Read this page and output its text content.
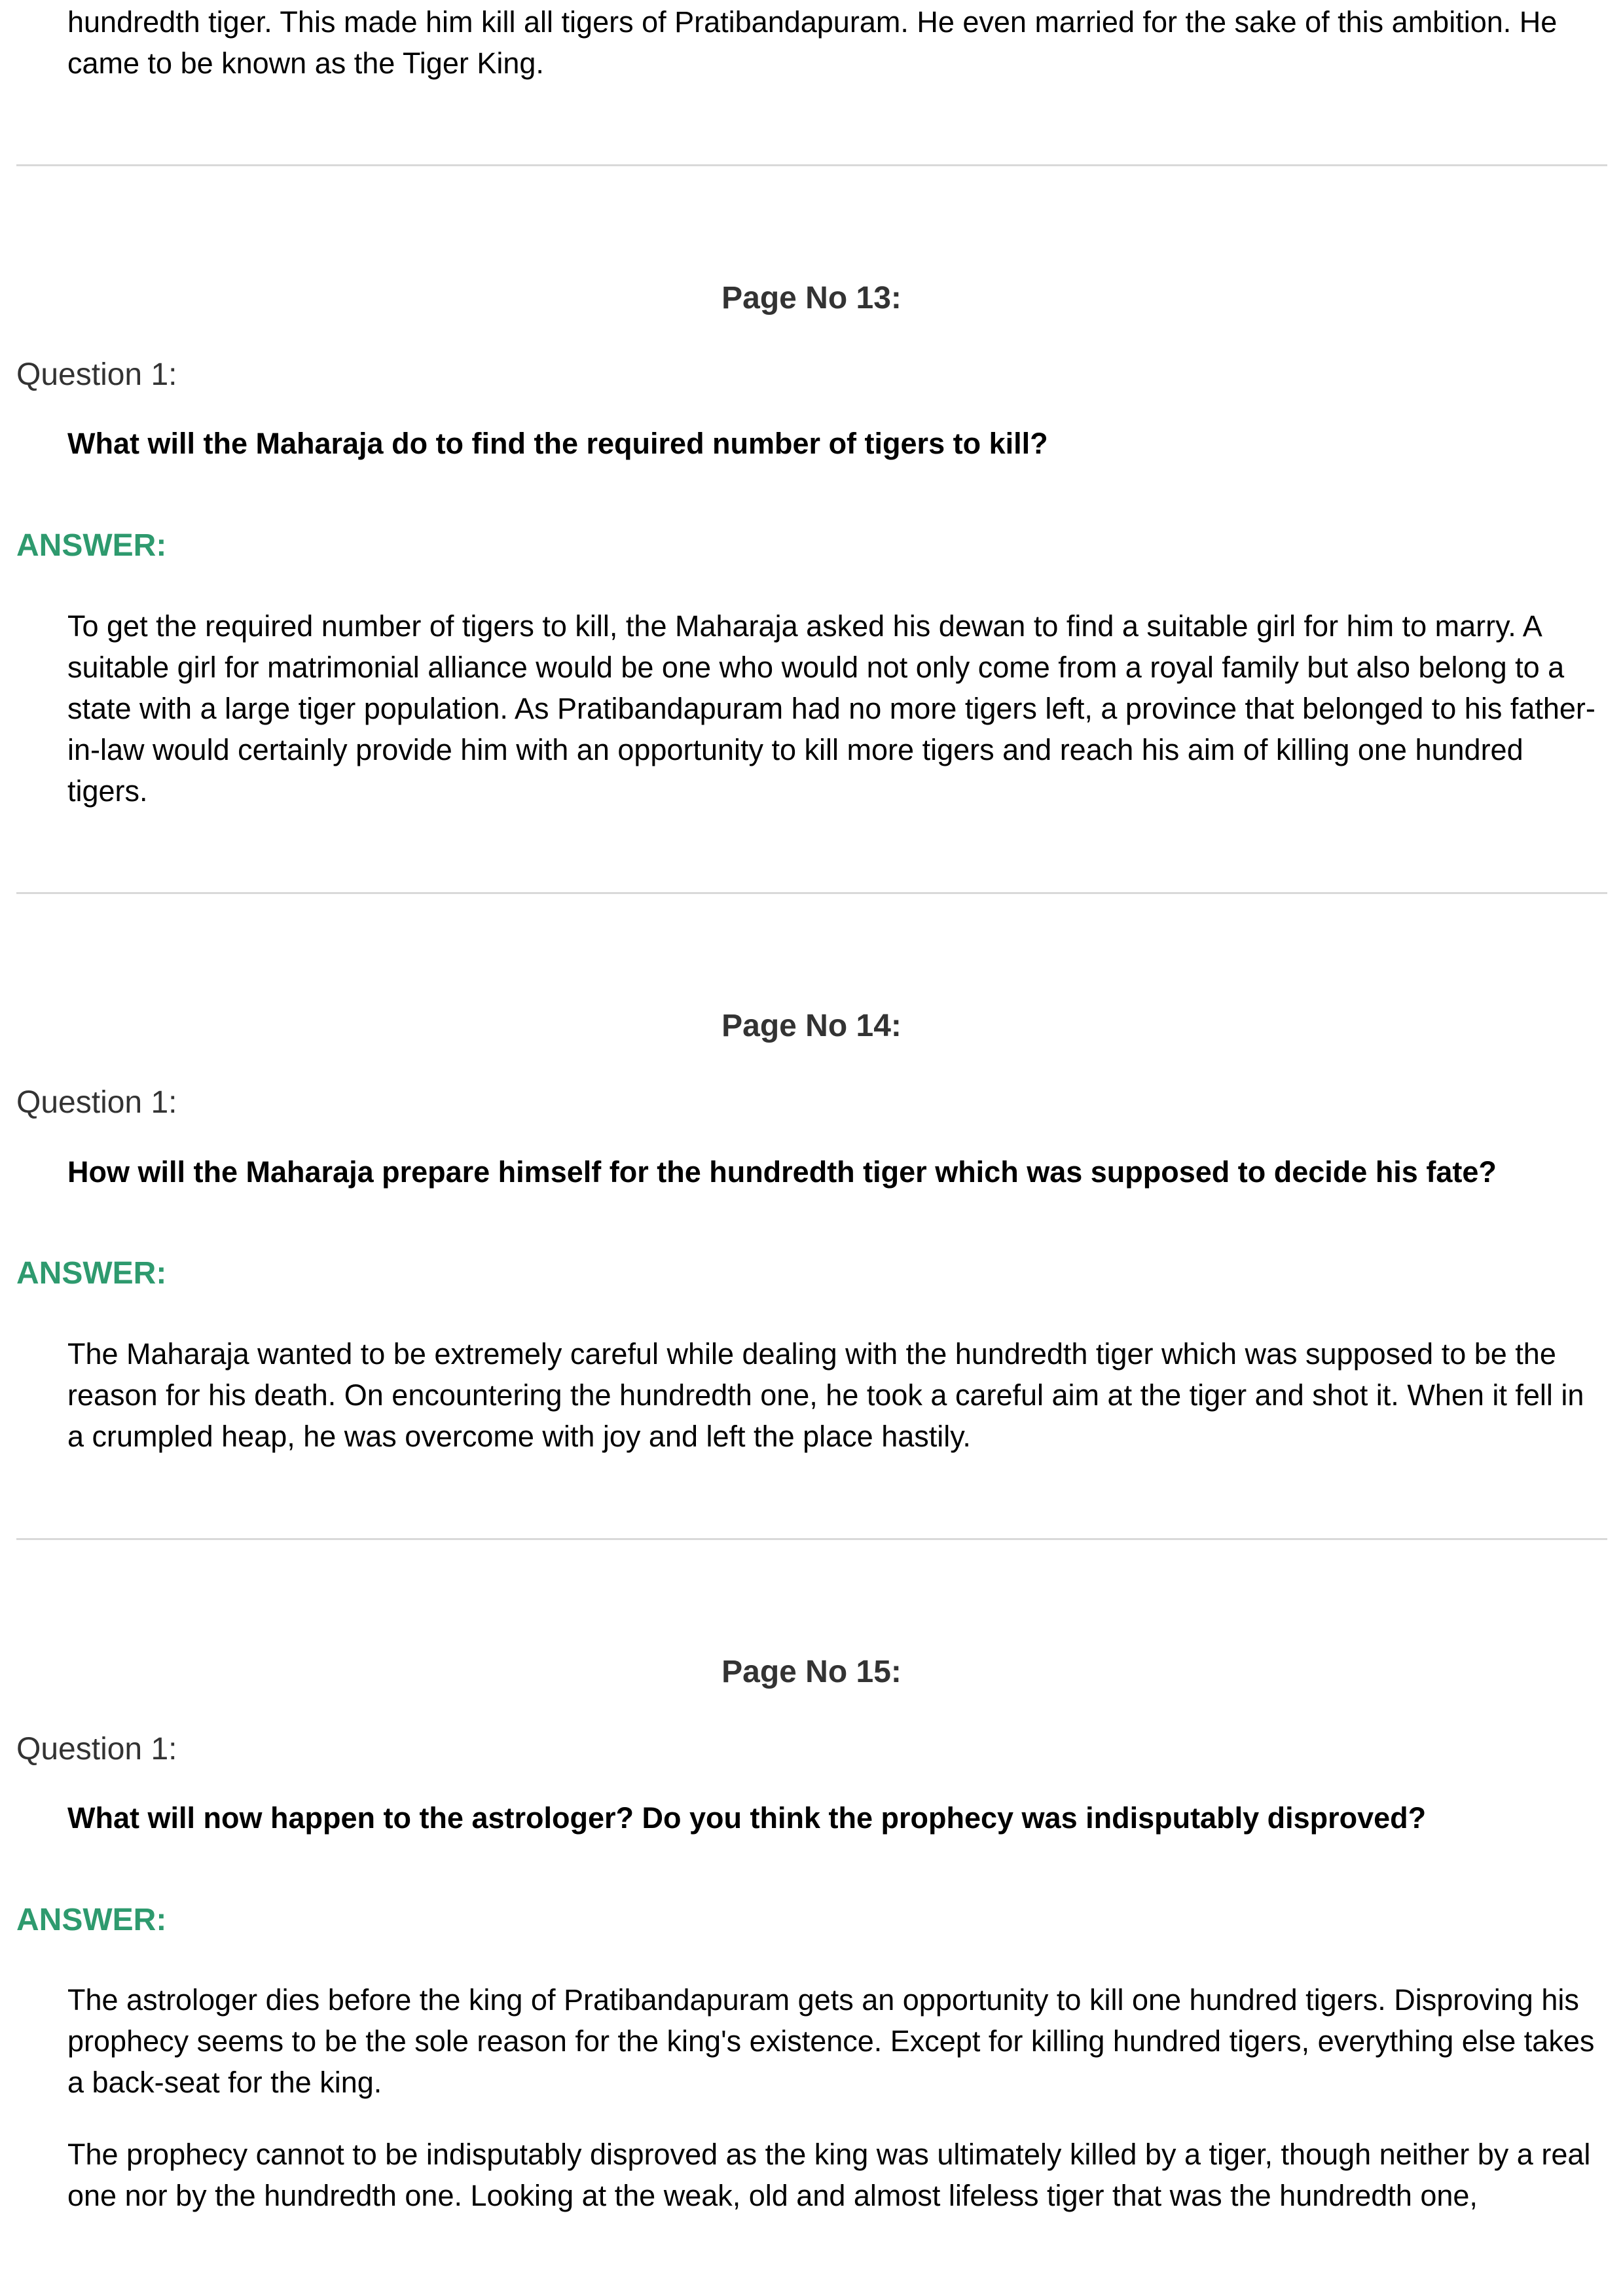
hundredth tiger. This made him kill all tigers of Pratibandapuram. He even married for the sake of this ambition. He came to be known as the Tiger King.

Page No 13:

Question 1:

What will the Maharaja do to find the required number of tigers to kill?

ANSWER:

To get the required number of tigers to kill, the Maharaja asked his dewan to find a suitable girl for him to marry. A suitable girl for matrimonial alliance would be one who would not only come from a royal family but also belong to a state with a large tiger population. As Pratibandapuram had no more tigers left, a province that belonged to his father-in-law would certainly provide him with an opportunity to kill more tigers and reach his aim of killing one hundred tigers.

Page No 14:

Question 1:

How will the Maharaja prepare himself for the hundredth tiger which was supposed to decide his fate?

ANSWER:

The Maharaja wanted to be extremely careful while dealing with the hundredth tiger which was supposed to be the reason for his death. On encountering the hundredth one, he took a careful aim at the tiger and shot it. When it fell in a crumpled heap, he was overcome with joy and left the place hastily.

Page No 15:

Question 1:

What will now happen to the astrologer? Do you think the prophecy was indisputably disproved?

ANSWER:

The astrologer dies before the king of Pratibandapuram gets an opportunity to kill one hundred tigers. Disproving his prophecy seems to be the sole reason for the king's existence. Except for killing hundred tigers, everything else takes a back-seat for the king.

The prophecy cannot to be indisputably disproved as the king was ultimately killed by a tiger, though neither by a real one nor by the hundredth one. Looking at the weak, old and almost lifeless tiger that was the hundredth one,
